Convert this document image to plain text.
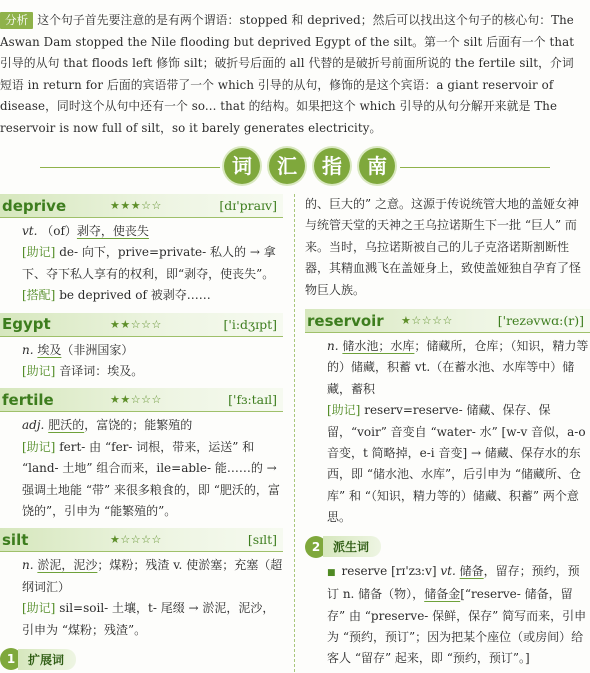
分析 这个句子首先要注意的是有两个谓语：stopped 和 deprived；然后可以找出这个句子的核心句：The Aswan Dam stopped the Nile flooding but deprived Egypt of the silt。第一个 silt 后面有一个 that 引导的从句 that floods left 修饰 silt；破折号后面的 all 代替的是破折号前面所说的 the fertile silt，介词短语 in return for 后面的宾语带了一个 which 引导的从句，修饰的是这个宾语：a giant reservoir of disease，同时这个从句中还有一个 so... that 的结构。如果把这个 which 引导的从句分解开来就是 The reservoir is now full of silt，so it barely generates electricity。
词	汇	指	南
deprive	★★★☆☆	[dɪ'praɪv]
vt. （of）剥夺，使丧失
[助记] de- 向下，prive=private- 私人的 → 拿下、夺下私人享有的权利，即“剥夺，使丧失”。
[搭配] be deprived of 被剥夺……
Egypt	★★☆☆☆	['i:dʒɪpt]
n. 埃及（非洲国家）
[助记] 音译词：埃及。
fertile	★★☆☆☆	['fɜ:taɪl]
adj. 肥沃的，富饶的；能繁殖的
[助记] fert- 由 “fer- 词根，带来，运送” 和 “land- 土地” 组合而来，ile=able- 能……的 → 强调土地能 “带” 来很多粮食的，即 “肥沃的，富饶的”，引申为 “能繁殖的”。
silt	★☆☆☆☆	[sɪlt]
n. 淤泥，泥沙；煤粉；残渣 v. 使淤塞；充塞（超纲词汇）
[助记] sil=soil- 土壤，t- 尾缀 → 淤泥，泥沙，引申为 “煤粉；残渣”。
1	扩展词
的、巨大的” 之意。这源于传说统管大地的盖娅女神与统管天堂的天神之王乌拉诺斯生下一批 “巨人” 而来。当时，乌拉诺斯被自己的儿子克洛诺斯割断性器，其精血溅飞在盖娅身上，致使盖娅独自孕育了怪物巨人族。
reservoir ★☆☆☆☆	['rezəvwɑ:(r)]
n. 储水池；水库；储藏所，仓库；（知识，精力等的）储藏，积蓄 vt.（在蓄水池、水库等中）储藏，蓄积
[助记] reserv=reserve- 储藏、保存、保留，“voir” 音变自 “water- 水” [w-v 音似，a-o 音变，t 简略掉，e-i 音变] → 储藏、保存水的东西，即 “储水池、水库”，后引申为 “储藏所、仓库” 和 “（知识，精力等的）储藏、积蓄” 两个意思。
2	派生词
■ reserve [rɪ'zɜ:v] vt. 储备，留存；预约，预订 n. 储备（物），储备金[“reserve- 储备，留存” 由 “preserve- 保鲜，保存” 简写而来，引申为 “预约，预订”；因为把某个座位（或房间）给客人 “留存” 起来，即 “预约，预订”。]
